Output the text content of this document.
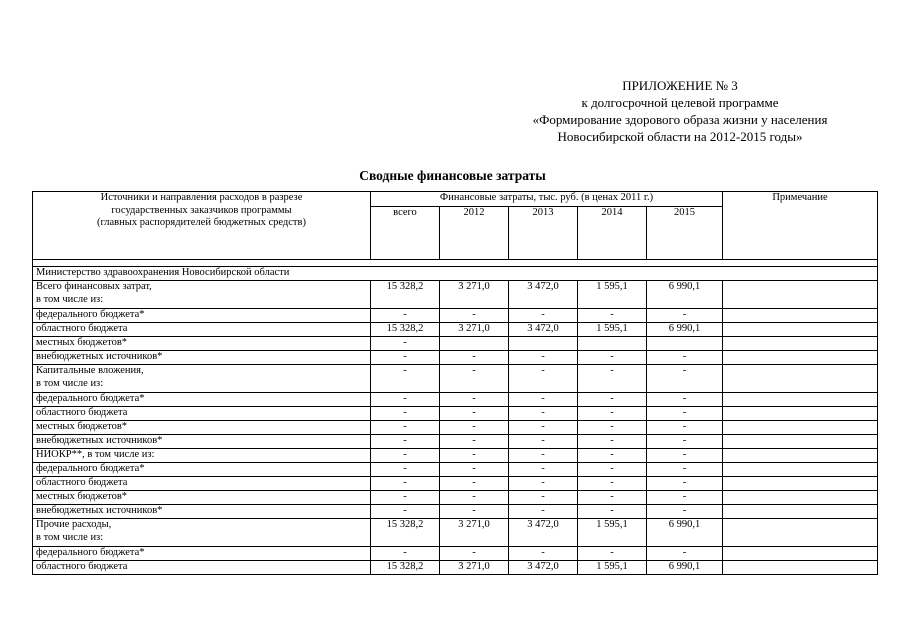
ПРИЛОЖЕНИЕ № 3
к долгосрочной целевой программе
«Формирование здорового образа жизни у населения
Новосибирской области на 2012-2015 годы»
Сводные финансовые затраты
Источники и направления расходов в разрезе
государственных заказчиков программы
(главных распорядителей бюджетных средств)	Финансовые затраты, тыс. руб. (в ценах 2011 г.)					Примечание
	всего	2012	2013	2014	2015	

Министерство здравоохранения Новосибирской области						

Всего финансовых затрат,
в том числе из:	15 328,2	3 271,0	3 472,0	1 595,1	6 990,1	

федерального бюджета*	-	-	-	-	-	

областного бюджета	15 328,2	3 271,0	3 472,0	1 595,1	6 990,1	

местных бюджетов*	-					

внебюджетных источников*	-	-	-	-	-	

Капитальные вложения,
в том числе из:	-	-	-	-	-	

федерального бюджета*	-	-	-	-	-	

областного бюджета	-	-	-	-	-	

местных бюджетов*	-	-	-	-	-	

внебюджетных источников*	-	-	-	-	-	

НИОКР**, в том числе из:	-	-	-	-	-	

федерального бюджета*	-	-	-	-	-	

областного бюджета	-	-	-	-	-	

местных бюджетов*	-	-	-	-	-	

внебюджетных источников*	-	-	-	-	-	

Прочие расходы,
в том числе из:	15 328,2	3 271,0	3 472,0	1 595,1	6 990,1	

федерального бюджета*	-	-	-	-	-	

областного бюджета	15 328,2	3 271,0	3 472,0	1 595,1	6 990,1	
